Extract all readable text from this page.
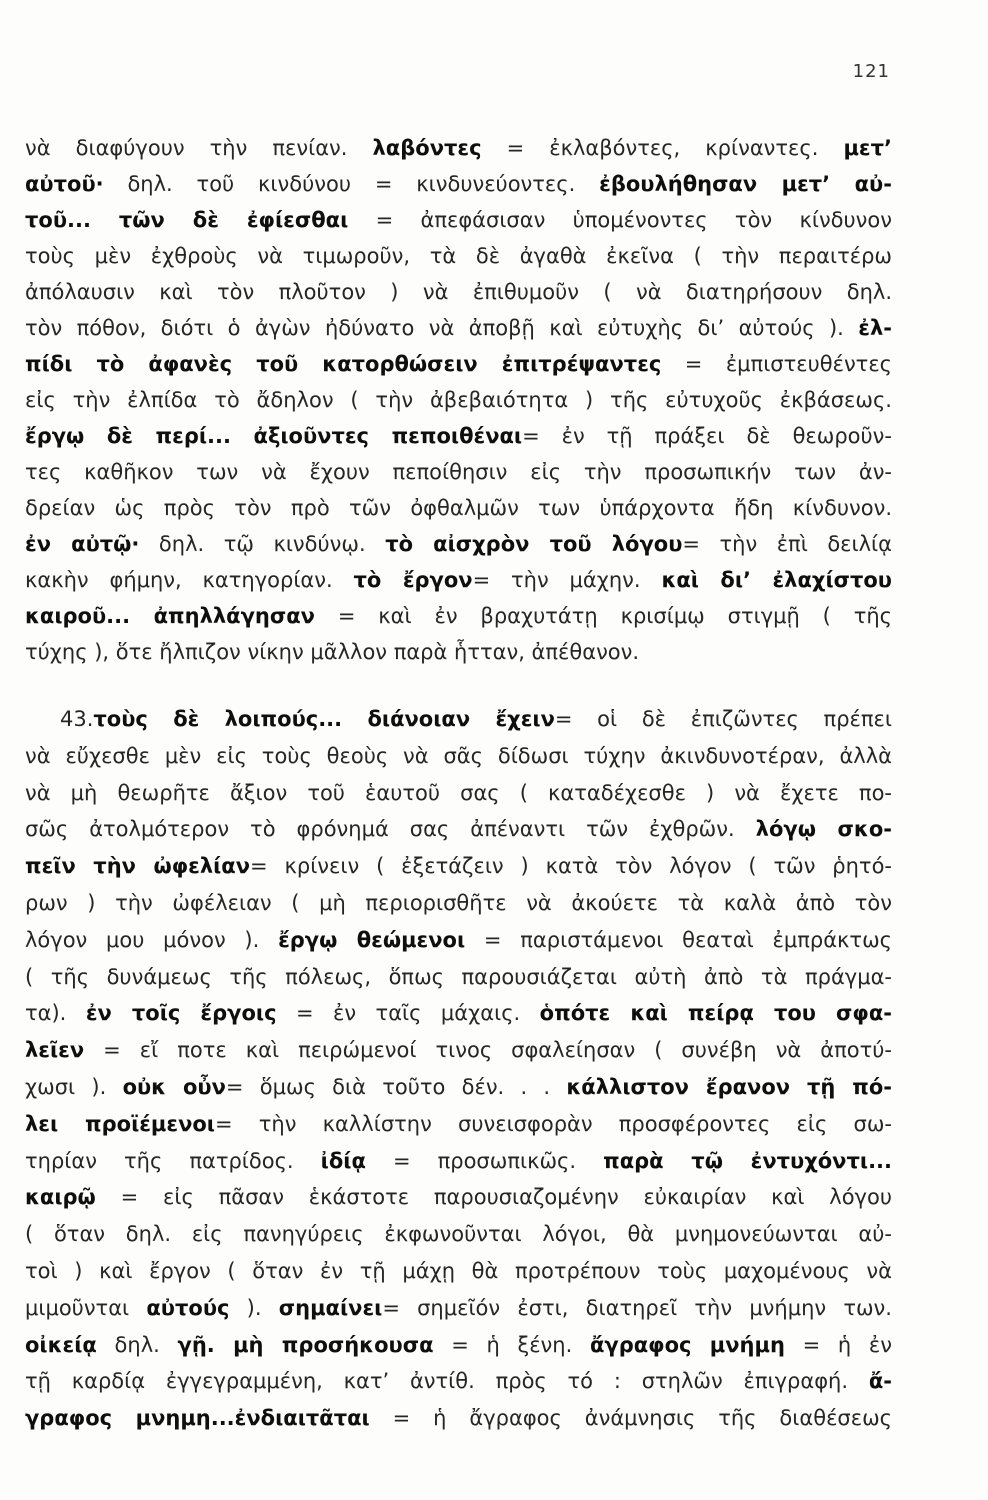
121
νὰ διαφύγουν τὴν πενίαν. λαβόντες = ἐκλαβόντες, κρίναντες. μετ’
αὐτοῦ· δηλ. τοῦ κινδύνου = κινδυνεύοντες. ἐβουλήθησαν μετ’ αὐ-
τοῦ... τῶν δὲ ἐφίεσθαι = ἀπεφάσισαν ὑπομένοντες τὸν κίνδυνον
τοὺς μὲν ἐχθροὺς νὰ τιμωροῦν, τὰ δὲ ἀγαθὰ ἐκεῖνα ( τὴν περαιτέρω
ἀπόλαυσιν καὶ τὸν πλοῦτον ) νὰ ἐπιθυμοῦν ( νὰ διατηρήσουν δηλ.
τὸν πόθον, διότι ὁ ἀγὼν ἠδύνατο νὰ ἀποβῇ καὶ εὐτυχὴς δι’ αὐτούς ). ἐλ-
πίδι τὸ ἀφανὲς τοῦ κατορθώσειν ἐπιτρέψαντες = ἐμπιστευθέντες
εἰς τὴν ἐλπίδα τὸ ἄδηλον ( τὴν ἀβεβαιότητα ) τῆς εὐτυχοῦς ἐκβάσεως.
ἔργῳ δὲ περί... ἀξιοῦντες πεποιθέναι= ἐν τῇ πράξει δὲ θεωροῦν-
τες καθῆκον των νὰ ἔχουν πεποίθησιν εἰς τὴν προσωπικήν των ἀν-
δρείαν ὡς πρὸς τὸν πρὸ τῶν ὀφθαλμῶν των ὑπάρχοντα ἤδη κίνδυνον.
ἐν αὐτῷ· δηλ. τῷ κινδύνῳ. τὸ αἰσχρὸν τοῦ λόγου= τὴν ἐπὶ δειλίᾳ
κακὴν φήμην, κατηγορίαν. τὸ ἔργον= τὴν μάχην. καὶ δι’ ἐλαχίστου
καιροῦ... ἀπηλλάγησαν = καὶ ἐν βραχυτάτῃ κρισίμῳ στιγμῇ ( τῆς
τύχης ), ὅτε ἤλπιζον νίκην μᾶλλον παρὰ ἧτταν, ἀπέθανον.
43.τοὺς δὲ λοιπούς... διάνοιαν ἔχειν= οἱ δὲ ἐπιζῶντες πρέπει
νὰ εὔχεσθε μὲν εἰς τοὺς θεοὺς νὰ σᾶς δίδωσι τύχην ἀκινδυνοτέραν, ἀλλὰ
νὰ μὴ θεωρῆτε ἄξιον τοῦ ἑαυτοῦ σας ( καταδέχεσθε ) νὰ ἔχετε πο-
σῶς ἀτολμότερον τὸ φρόνημά σας ἀπέναντι τῶν ἐχθρῶν. λόγῳ σκο-
πεῖν τὴν ὠφελίαν= κρίνειν ( ἐξετάζειν ) κατὰ τὸν λόγον ( τῶν ῥητό-
ρων ) τὴν ὠφέλειαν ( μὴ περιορισθῆτε νὰ ἀκούετε τὰ καλὰ ἀπὸ τὸν
λόγον μου μόνον ). ἔργῳ θεώμενοι = παριστάμενοι θεαταὶ ἐμπράκτως
( τῆς δυνάμεως τῆς πόλεως, ὅπως παρουσιάζεται αὐτὴ ἀπὸ τὰ πράγμα-
τα). ἐν τοῖς ἔργοις = ἐν ταῖς μάχαις. ὁπότε καὶ πείρᾳ του σφα-
λεῖεν = εἴ ποτε καὶ πειρώμενοί τινος σφαλείησαν ( συνέβη νὰ ἀποτύ-
χωσι ). οὐκ οὖν= ὅμως διὰ τοῦτο δέν. . . κάλλιστον ἔρανον τῇ πό-
λει προϊέμενοι= τὴν καλλίστην συνεισφορὰν προσφέροντες εἰς σω-
τηρίαν τῆς πατρίδος. ἰδίᾳ = προσωπικῶς. παρὰ τῷ ἐντυχόντι...
καιρῷ = εἰς πᾶσαν ἑκάστοτε παρουσιαζομένην εὐκαιρίαν καὶ λόγου
( ὅταν δηλ. εἰς πανηγύρεις ἐκφωνοῦνται λόγοι, θὰ μνημονεύωνται αὐ-
τοὶ ) καὶ ἔργον ( ὅταν ἐν τῇ μάχῃ θὰ προτρέπουν τοὺς μαχομένους νὰ
μιμοῦνται αὐτούς ). σημαίνει= σημεῖόν ἐστι, διατηρεῖ τὴν μνήμην των.
οἰκείᾳ δηλ. γῇ. μὴ προσήκουσα = ἡ ξένη. ἄγραφος μνήμη = ἡ ἐν
τῇ καρδίᾳ ἐγγεγραμμένη, κατ’ ἀντίθ. πρὸς τό : στηλῶν ἐπιγραφή. ἄ-
γραφος μνημη...ἐνδιαιτᾶται = ἡ ἄγραφος ἀνάμνησις τῆς διαθέσεως
